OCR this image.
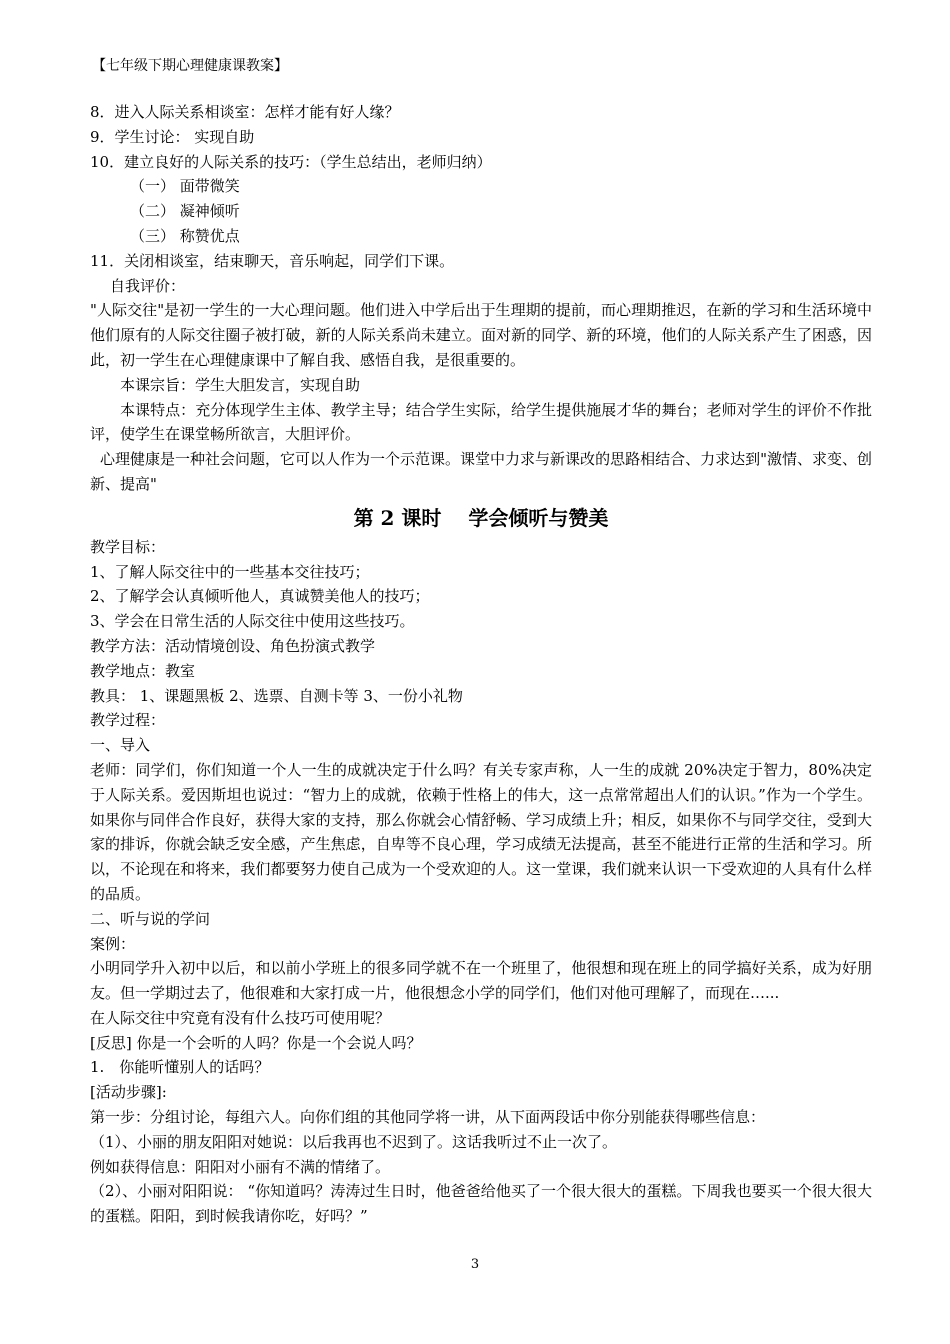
【七年级下期心理健康课教案】

8．进入人际关系相谈室：怎样才能有好人缘？

9．学生讨论： 实现自助

10．建立良好的人际关系的技巧：（学生总结出，老师归纳）

（一） 面带微笑

（二） 凝神倾听

（三） 称赞优点

11．关闭相谈室，结束聊天，音乐响起，同学们下课。

自我评价：

"人际交往"是初一学生的一大心理问题。他们进入中学后出于生理期的提前，而心理期推迟，在新的学习和生活环境中他们原有的人际交往圈子被打破，新的人际关系尚未建立。面对新的同学、新的环境，他们的人际关系产生了困惑，因此，初一学生在心理健康课中了解自我、感悟自我，是很重要的。

本课宗旨：学生大胆发言，实现自助

本课特点：充分体现学生主体、教学主导；结合学生实际，给学生提供施展才华的舞台；老师对学生的评价不作批评，使学生在课堂畅所欲言，大胆评价。

心理健康是一种社会问题，它可以人作为一个示范课。课堂中力求与新课改的思路相结合、力求达到"激情、求变、创新、提高"

第 2 课时　 学会倾听与赞美

教学目标：

1、了解人际交往中的一些基本交往技巧；

2、了解学会认真倾听他人，真诚赞美他人的技巧；

3、学会在日常生活的人际交往中使用这些技巧。

教学方法：活动情境创设、角色扮演式教学

教学地点：教室

教具： 1、课题黑板 2、选票、自测卡等 3、一份小礼物

教学过程：

一、导入

老师：同学们，你们知道一个人一生的成就决定于什么吗？有关专家声称，人一生的成就 20%决定于智力，80%决定于人际关系。爱因斯坦也说过：“智力上的成就，依赖于性格上的伟大，这一点常常超出人们的认识。”作为一个学生。如果你与同伴合作良好，获得大家的支持，那么你就会心情舒畅、学习成绩上升；相反，如果你不与同学交往，受到大家的排诉，你就会缺乏安全感，产生焦虑，自卑等不良心理，学习成绩无法提高，甚至不能进行正常的生活和学习。所以，不论现在和将来，我们都要努力使自己成为一个受欢迎的人。这一堂课，我们就来认识一下受欢迎的人具有什么样的品质。

二、听与说的学问

案例：

小明同学升入初中以后，和以前小学班上的很多同学就不在一个班里了，他很想和现在班上的同学搞好关系，成为好朋友。但一学期过去了，他很难和大家打成一片，他很想念小学的同学们，他们对他可理解了，而现在…...

在人际交往中究竟有没有什么技巧可使用呢？

[反思] 你是一个会听的人吗？你是一个会说人吗？

1.　你能听懂别人的话吗？

[活动步骤]:

第一步：分组讨论，每组六人。向你们组的其他同学将一讲，从下面两段话中你分别能获得哪些信息：

（1）、小丽的朋友阳阳对她说：以后我再也不迟到了。这话我听过不止一次了。

例如获得信息：阳阳对小丽有不满的情绪了。

（2）、小丽对阳阳说： “你知道吗？涛涛过生日时，他爸爸给他买了一个很大很大的蛋糕。下周我也要买一个很大很大的蛋糕。阳阳，到时候我请你吃，好吗？”

3
